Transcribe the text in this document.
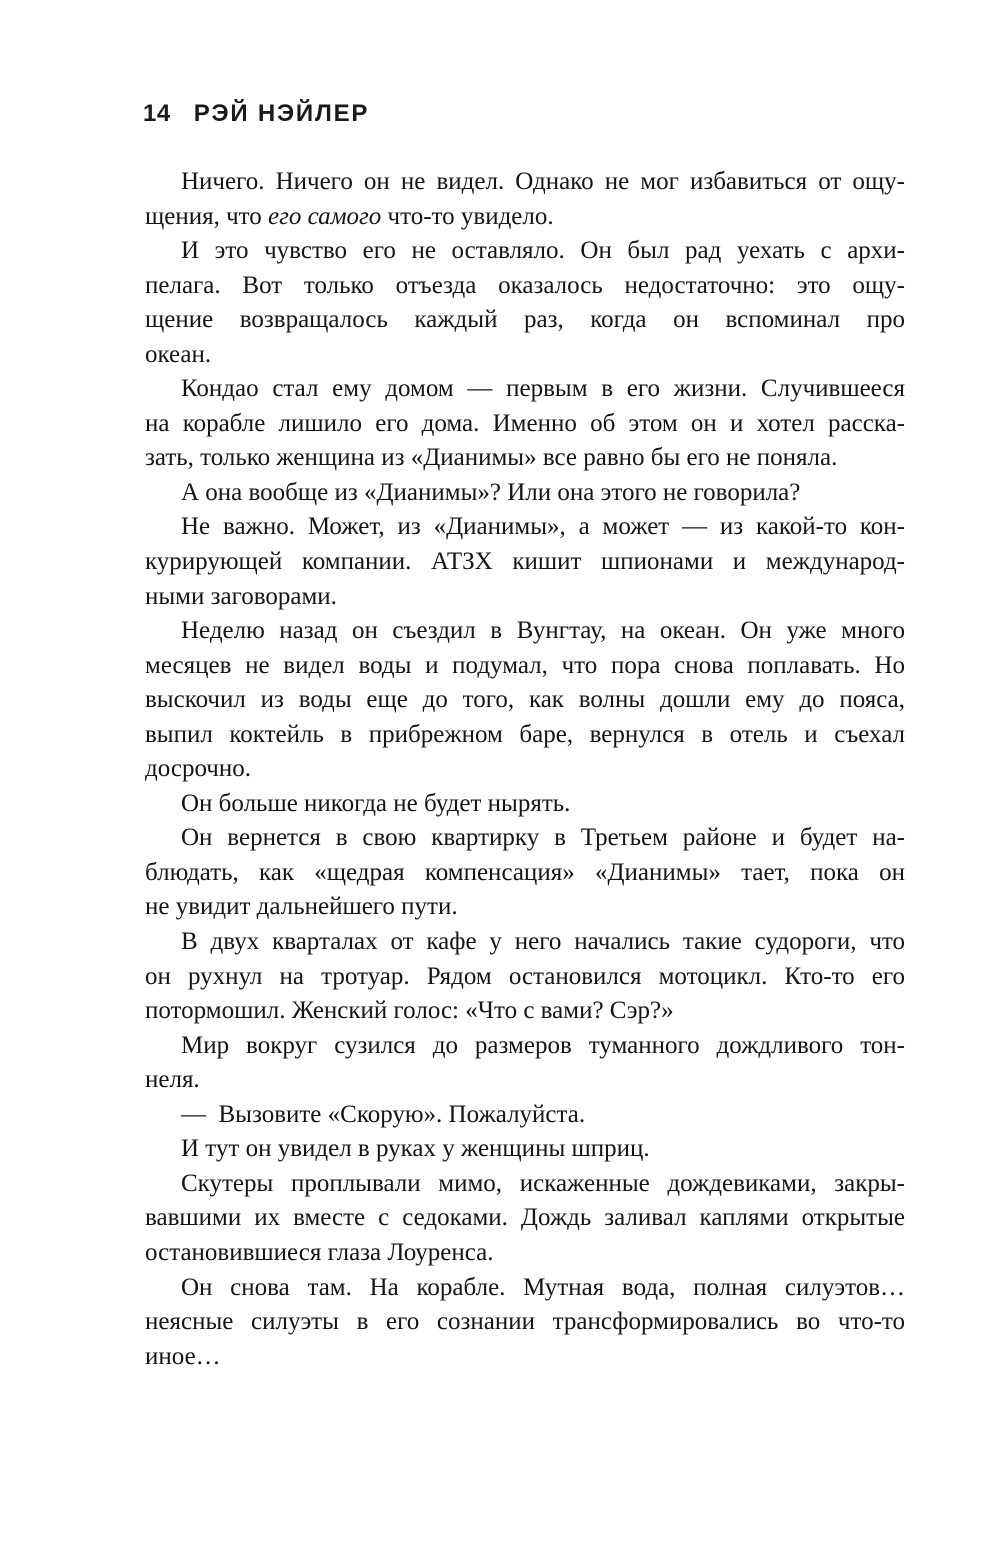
14 РЭЙ НЭЙЛЕР
Ничего. Ничего он не видел. Однако не мог избавиться от ощу-
щения, что его самого что-то увидело.
И это чувство его не оставляло. Он был рад уехать с архи-
пелага. Вот только отъезда оказалось недостаточно: это ощу-
щение возвращалось каждый раз, когда он вспоминал про
океан.
Кондао стал ему домом — первым в его жизни. Случившееся
на корабле лишило его дома. Именно об этом он и хотел расска-
зать, только женщина из «Дианимы» все равно бы его не поняла.
А она вообще из «Дианимы»? Или она этого не говорила?
Не важно. Может, из «Дианимы», а может — из какой-то кон-
курирующей компании. АТЗХ кишит шпионами и международ-
ными заговорами.
Неделю назад он съездил в Вунгтау, на океан. Он уже много
месяцев не видел воды и подумал, что пора снова поплавать. Но
выскочил из воды еще до того, как волны дошли ему до пояса,
выпил коктейль в прибрежном баре, вернулся в отель и съехал
досрочно.
Он больше никогда не будет нырять.
Он вернется в свою квартирку в Третьем районе и будет на-
блюдать, как «щедрая компенсация» «Дианимы» тает, пока он
не увидит дальнейшего пути.
В двух кварталах от кафе у него начались такие судороги, что
он рухнул на тротуар. Рядом остановился мотоцикл. Кто-то его
потормошил. Женский голос: «Что с вами? Сэр?»
Мир вокруг сузился до размеров туманного дождливого тон-
неля.
— Вызовите «Скорую». Пожалуйста.
И тут он увидел в руках у женщины шприц.
Скутеры проплывали мимо, искаженные дождевиками, закры-
вавшими их вместе с седоками. Дождь заливал каплями открытые
остановившиеся глаза Лоуренса.
Он снова там. На корабле. Мутная вода, полная силуэтов…
неясные силуэты в его сознании трансформировались во что-то
иное…
